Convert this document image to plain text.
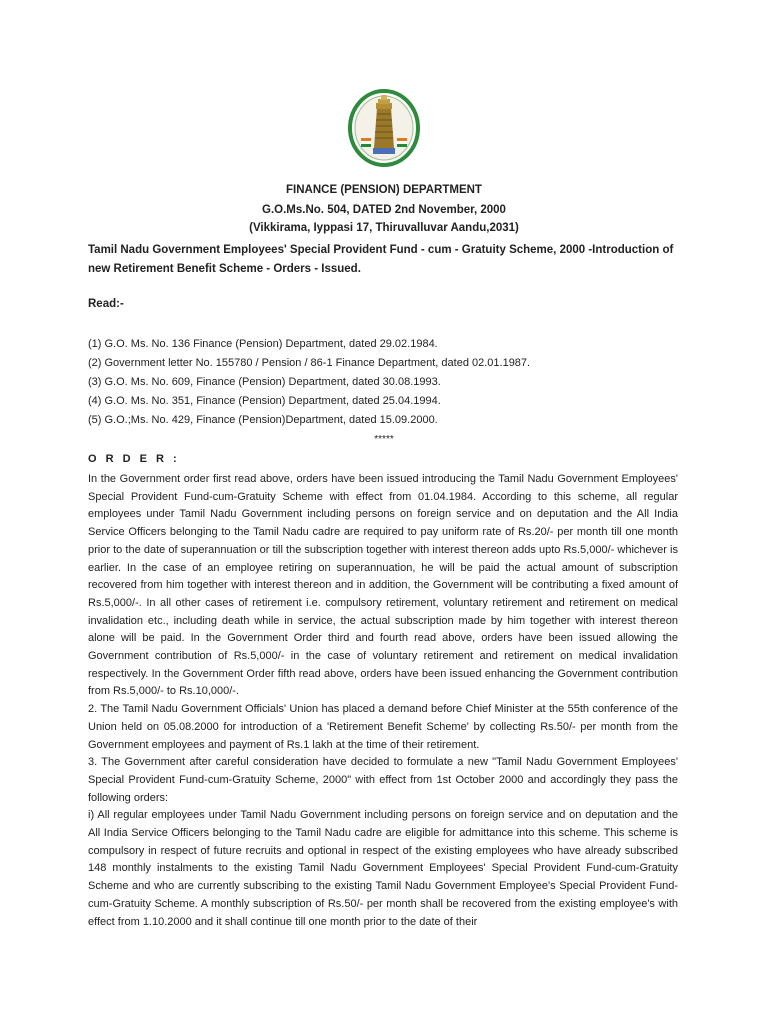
FINANCE (PENSION) DEPARTMENT
G.O.Ms.No. 504, DATED 2nd November, 2000
(Vikkirama, Iyppasi 17, Thiruvalluvar Aandu,2031)
Tamil Nadu Government Employees' Special Provident Fund - cum - Gratuity Scheme, 2000 -Introduction of new Retirement Benefit Scheme - Orders - Issued.
Read:-
(1) G.O. Ms. No. 136 Finance (Pension) Department, dated 29.02.1984.
(2) Government letter No. 155780 / Pension / 86-1 Finance Department, dated 02.01.1987.
(3) G.O. Ms. No. 609, Finance (Pension) Department, dated 30.08.1993.
(4) G.O. Ms. No. 351, Finance (Pension) Department, dated 25.04.1994.
(5) G.O.;Ms. No. 429, Finance (Pension)Department, dated 15.09.2000.
*****
O R D E R :

In the Government order first read above, orders have been issued introducing the Tamil Nadu Government Employees' Special Provident Fund-cum-Gratuity Scheme with effect from 01.04.1984. According to this scheme, all regular employees under Tamil Nadu Government including persons on foreign service and on deputation and the All India Service Officers belonging to the Tamil Nadu cadre are required to pay uniform rate of Rs.20/- per month till one month prior to the date of superannuation or till the subscription together with interest thereon adds upto Rs.5,000/- whichever is earlier. In the case of an employee retiring on superannuation, he will be paid the actual amount of subscription recovered from him together with interest thereon and in addition, the Government will be contributing a fixed amount of Rs.5,000/-. In all other cases of retirement i.e. compulsory retirement, voluntary retirement and retirement on medical invalidation etc., including death while in service, the actual subscription made by him together with interest thereon alone will be paid. In the Government Order third and fourth read above, orders have been issued allowing the Government contribution of Rs.5,000/- in the case of voluntary retirement and retirement on medical invalidation respectively. In the Government Order fifth read above, orders have been issued enhancing the Government contribution from Rs.5,000/- to Rs.10,000/-.

2. The Tamil Nadu Government Officials' Union has placed a demand before Chief Minister at the 55th conference of the Union held on 05.08.2000 for introduction of a 'Retirement Benefit Scheme' by collecting Rs.50/- per month from the Government employees and payment of Rs.1 lakh at the time of their retirement.

3. The Government after careful consideration have decided to formulate a new "Tamil Nadu Government Employees' Special Provident Fund-cum-Gratuity Scheme, 2000" with effect from 1st October 2000 and accordingly they pass the following orders:

i) All regular employees under Tamil Nadu Government including persons on foreign service and on deputation and the All India Service Officers belonging to the Tamil Nadu cadre are eligible for admittance into this scheme. This scheme is compulsory in respect of future recruits and optional in respect of the existing employees who have already subscribed 148 monthly instalments to the existing Tamil Nadu Government Employees' Special Provident Fund-cum-Gratuity Scheme and who are currently subscribing to the existing Tamil Nadu Government Employee's Special Provident Fund-cum-Gratuity Scheme. A monthly subscription of Rs.50/- per month shall be recovered from the existing employee's with effect from 1.10.2000 and it shall continue till one month prior to the date of their
